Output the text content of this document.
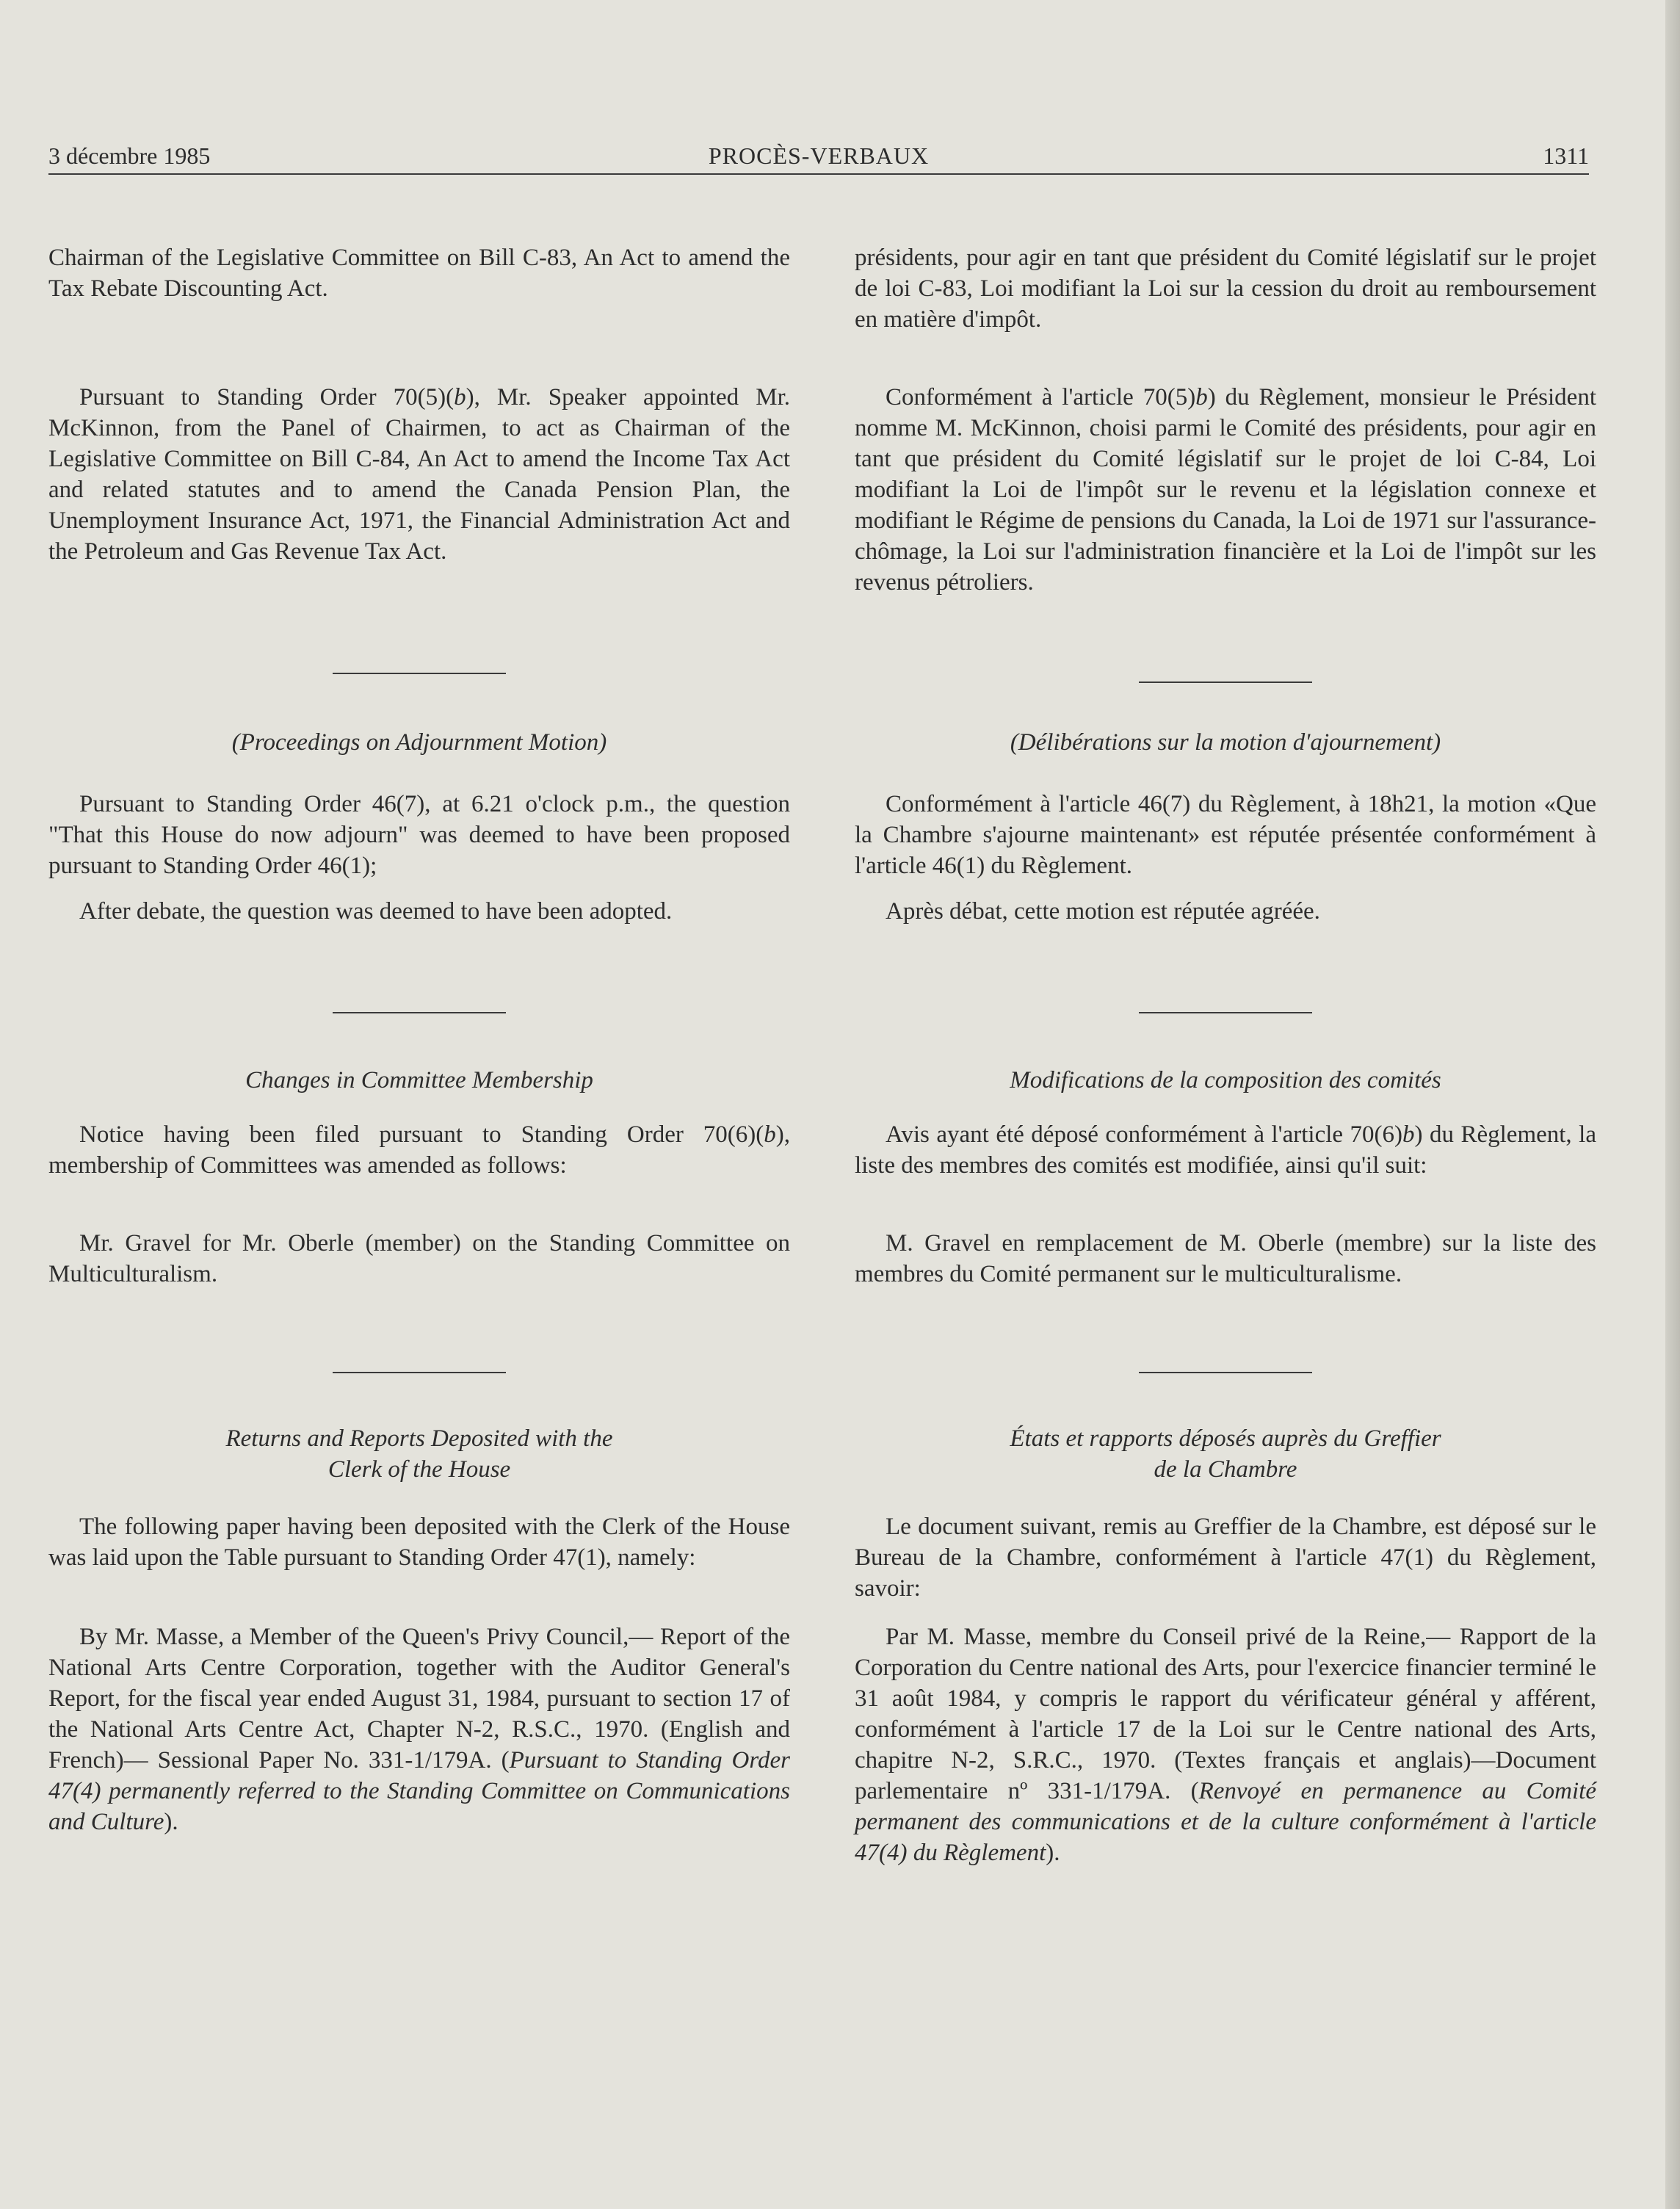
3 décembre 1985	PROCÈS-VERBAUX	1311

Chairman of the Legislative Committee on Bill C-83, An Act to amend the Tax Rebate Discounting Act.

Pursuant to Standing Order 70(5)(b), Mr. Speaker appointed Mr. McKinnon, from the Panel of Chairmen, to act as Chairman of the Legislative Committee on Bill C-84, An Act to amend the Income Tax Act and related statutes and to amend the Canada Pension Plan, the Unemployment Insurance Act, 1971, the Financial Administration Act and the Petroleum and Gas Revenue Tax Act.

(Proceedings on Adjournment Motion)

Pursuant to Standing Order 46(7), at 6.21 o'clock p.m., the question "That this House do now adjourn" was deemed to have been proposed pursuant to Standing Order 46(1);

After debate, the question was deemed to have been adopted.

Changes in Committee Membership

Notice having been filed pursuant to Standing Order 70(6)(b), membership of Committees was amended as follows:

Mr. Gravel for Mr. Oberle (member) on the Standing Committee on Multiculturalism.

Returns and Reports Deposited with the
Clerk of the House

The following paper having been deposited with the Clerk of the House was laid upon the Table pursuant to Standing Order 47(1), namely:

By Mr. Masse, a Member of the Queen's Privy Council,— Report of the National Arts Centre Corporation, together with the Auditor General's Report, for the fiscal year ended August 31, 1984, pursuant to section 17 of the National Arts Centre Act, Chapter N-2, R.S.C., 1970. (English and French)— Sessional Paper No. 331-1/179A. (Pursuant to Standing Order 47(4) permanently referred to the Standing Committee on Communications and Culture).

présidents, pour agir en tant que président du Comité législatif sur le projet de loi C-83, Loi modifiant la Loi sur la cession du droit au remboursement en matière d'impôt.

Conformément à l'article 70(5)b) du Règlement, monsieur le Président nomme M. McKinnon, choisi parmi le Comité des présidents, pour agir en tant que président du Comité législatif sur le projet de loi C-84, Loi modifiant la Loi de l'impôt sur le revenu et la législation connexe et modifiant le Régime de pensions du Canada, la Loi de 1971 sur l'assurance-chômage, la Loi sur l'administration financière et la Loi de l'impôt sur les revenus pétroliers.

(Délibérations sur la motion d'ajournement)

Conformément à l'article 46(7) du Règlement, à 18h21, la motion «Que la Chambre s'ajourne maintenant» est réputée présentée conformément à l'article 46(1) du Règlement.

Après débat, cette motion est réputée agréée.

Modifications de la composition des comités

Avis ayant été déposé conformément à l'article 70(6)b) du Règlement, la liste des membres des comités est modifiée, ainsi qu'il suit:

M. Gravel en remplacement de M. Oberle (membre) sur la liste des membres du Comité permanent sur le multiculturalisme.

États et rapports déposés auprès du Greffier
de la Chambre

Le document suivant, remis au Greffier de la Chambre, est déposé sur le Bureau de la Chambre, conformément à l'article 47(1) du Règlement, savoir:

Par M. Masse, membre du Conseil privé de la Reine,— Rapport de la Corporation du Centre national des Arts, pour l'exercice financier terminé le 31 août 1984, y compris le rapport du vérificateur général y afférent, conformément à l'article 17 de la Loi sur le Centre national des Arts, chapitre N-2, S.R.C., 1970. (Textes français et anglais)—Document parlementaire nº 331-1/179A. (Renvoyé en permanence au Comité permanent des communications et de la culture conformément à l'article 47(4) du Règlement).
